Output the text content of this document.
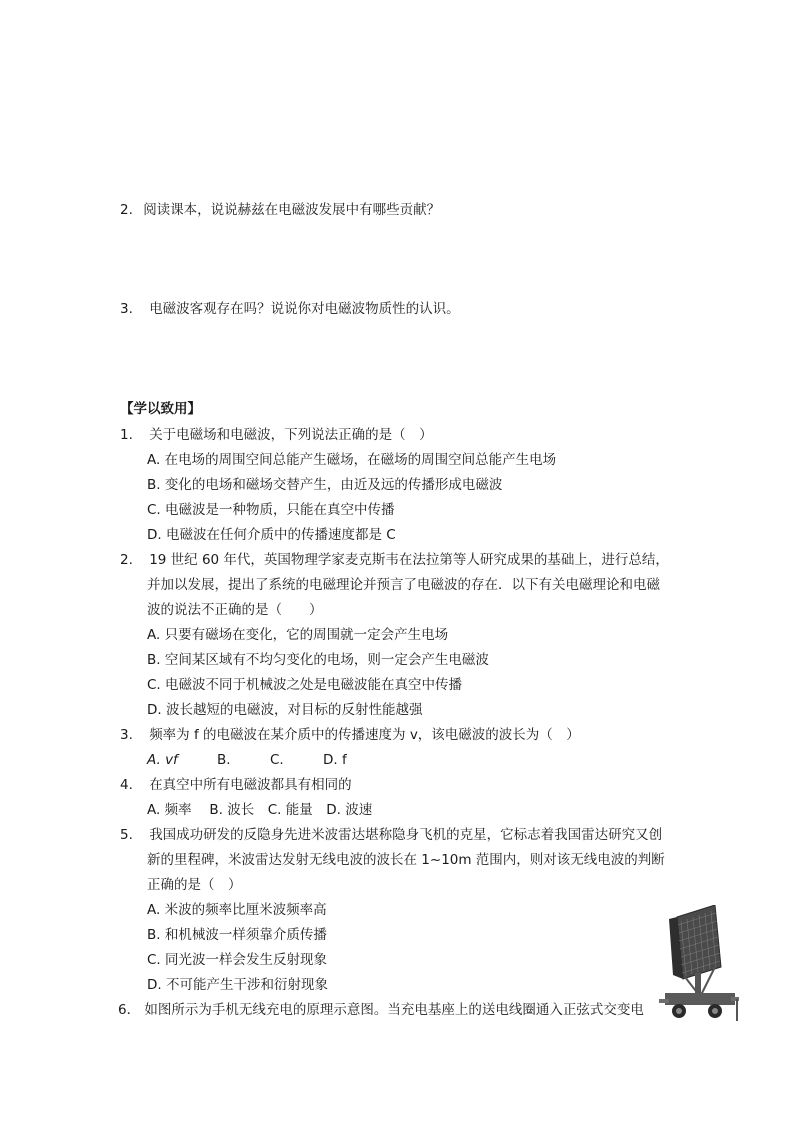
2. 阅读课本，说说赫兹在电磁波发展中有哪些贡献？
3. 电磁波客观存在吗？说说你对电磁波物质性的认识。
【学以致用】
1. 关于电磁场和电磁波，下列说法正确的是（　）
A. 在电场的周围空间总能产生磁场，在磁场的周围空间总能产生电场
B. 变化的电场和磁场交替产生，由近及远的传播形成电磁波
C. 电磁波是一种物质，只能在真空中传播
D. 电磁波在任何介质中的传播速度都是 C
2. 19 世纪 60 年代，英国物理学家麦克斯韦在法拉第等人研究成果的基础上，进行总结，
并加以发展，提出了系统的电磁理论并预言了电磁波的存在．以下有关电磁理论和电磁
波的说法不正确的是（　　）
A. 只要有磁场在变化，它的周围就一定会产生电场
B. 空间某区域有不均匀变化的电场，则一定会产生电磁波
C. 电磁波不同于机械波之处是电磁波能在真空中传播
D. 波长越短的电磁波，对目标的反射性能越强
3. 频率为 f 的电磁波在某介质中的传播速度为 v，该电磁波的波长为（　）
A. vf	B.	C.	D. f
4. 在真空中所有电磁波都具有相同的
A. 频率　 B. 波长　C. 能量　D. 波速
5. 我国成功研发的反隐身先进米波雷达堪称隐身飞机的克星，它标志着我国雷达研究又创
新的里程碑，米波雷达发射无线电波的波长在 1~10m 范围内，则对该无线电波的判断
正确的是（　）
A. 米波的频率比厘米波频率高
B. 和机械波一样须靠介质传播
C. 同光波一样会发生反射现象
D. 不可能产生干涉和衍射现象
6． 如图所示为手机无线充电的原理示意图。当充电基座上的送电线圈通入正弦式交变电
